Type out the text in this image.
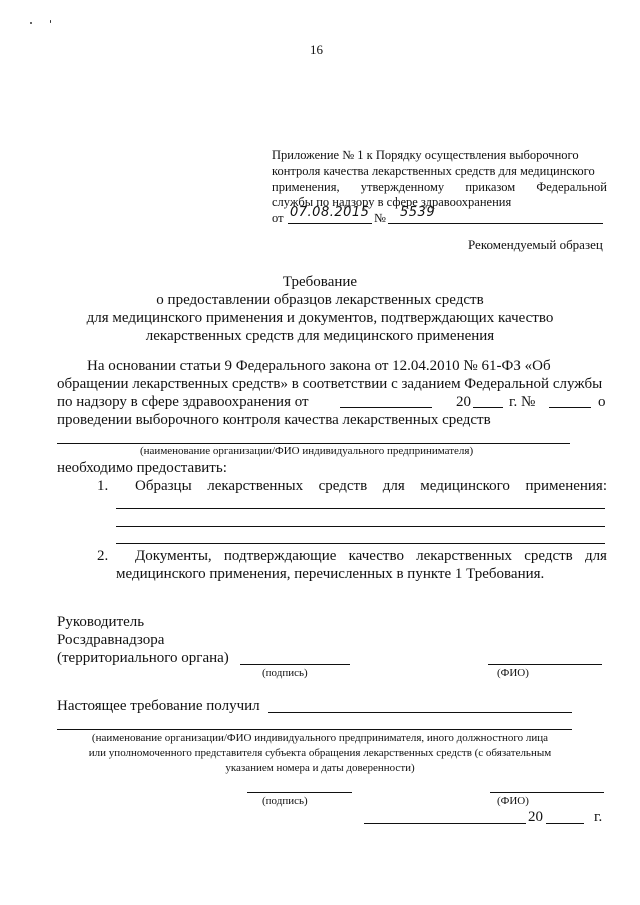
16
Приложение № 1 к Порядку осуществления выборочного
контроля качества лекарственных средств для медицинского
применения, утвержденному приказом Федеральной
службы по надзору в сфере здравоохранения
от 07.08.2015 № 5539
Рекомендуемый образец
Требование
о предоставлении образцов лекарственных средств
для медицинского применения и документов, подтверждающих качество
лекарственных средств для медицинского применения
На основании статьи 9 Федерального закона от 12.04.2010 № 61-ФЗ «Об
обращении лекарственных средств» в соответствии с заданием Федеральной службы
по надзору в сфере здравоохранения от	20	г. №	о
проведении выборочного контроля качества лекарственных средств
(наименование организации/ФИО индивидуального предпринимателя)
необходимо предоставить:
1. Образцы лекарственных средств для медицинского применения:
2. Документы, подтверждающие качество лекарственных средств для
медицинского применения, перечисленных в пункте 1 Требования.
Руководитель
Росздравнадзора
(территориального органа)
(подпись)	(ФИО)
Настоящее требование получил
(наименование организации/ФИО индивидуального предпринимателя, иного должностного лица
или уполномоченного представителя субъекта обращения лекарственных средств (с обязательным
указанием номера и даты доверенности)
(подпись)	(ФИО)
20	г.
